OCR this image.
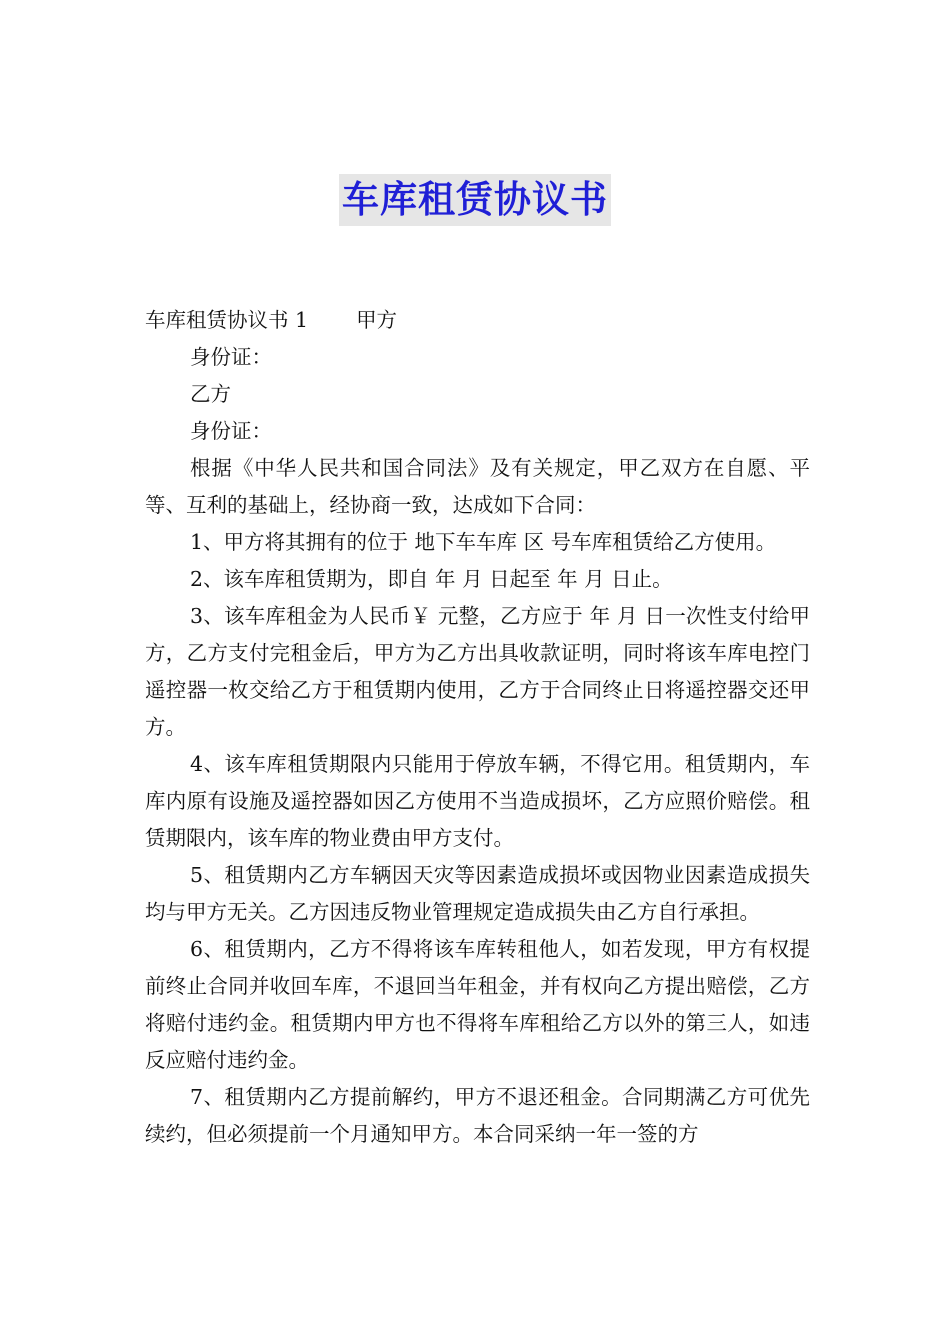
车库租赁协议书

车库租赁协议书 1 甲方

身份证：

乙方

身份证：

根据《中华人民共和国合同法》及有关规定，甲乙双方在自愿、平等、互利的基础上，经协商一致，达成如下合同：

1、甲方将其拥有的位于 地下车车库 区 号车库租赁给乙方使用。

2、该车库租赁期为，即自 年 月 日起至 年 月 日止。

3、该车库租金为人民币￥ 元整，乙方应于 年 月 日一次性支付给甲方，乙方支付完租金后，甲方为乙方出具收款证明，同时将该车库电控门遥控器一枚交给乙方于租赁期内使用，乙方于合同终止日将遥控器交还甲方。

4、该车库租赁期限内只能用于停放车辆，不得它用。租赁期内，车库内原有设施及遥控器如因乙方使用不当造成损坏，乙方应照价赔偿。租赁期限内，该车库的物业费由甲方支付。

5、租赁期内乙方车辆因天灾等因素造成损坏或因物业因素造成损失均与甲方无关。乙方因违反物业管理规定造成损失由乙方自行承担。

6、租赁期内，乙方不得将该车库转租他人，如若发现，甲方有权提前终止合同并收回车库，不退回当年租金，并有权向乙方提出赔偿，乙方将赔付违约金。租赁期内甲方也不得将车库租给乙方以外的第三人，如违反应赔付违约金。

7、租赁期内乙方提前解约，甲方不退还租金。合同期满乙方可优先续约，但必须提前一个月通知甲方。本合同采纳一年一签的方
